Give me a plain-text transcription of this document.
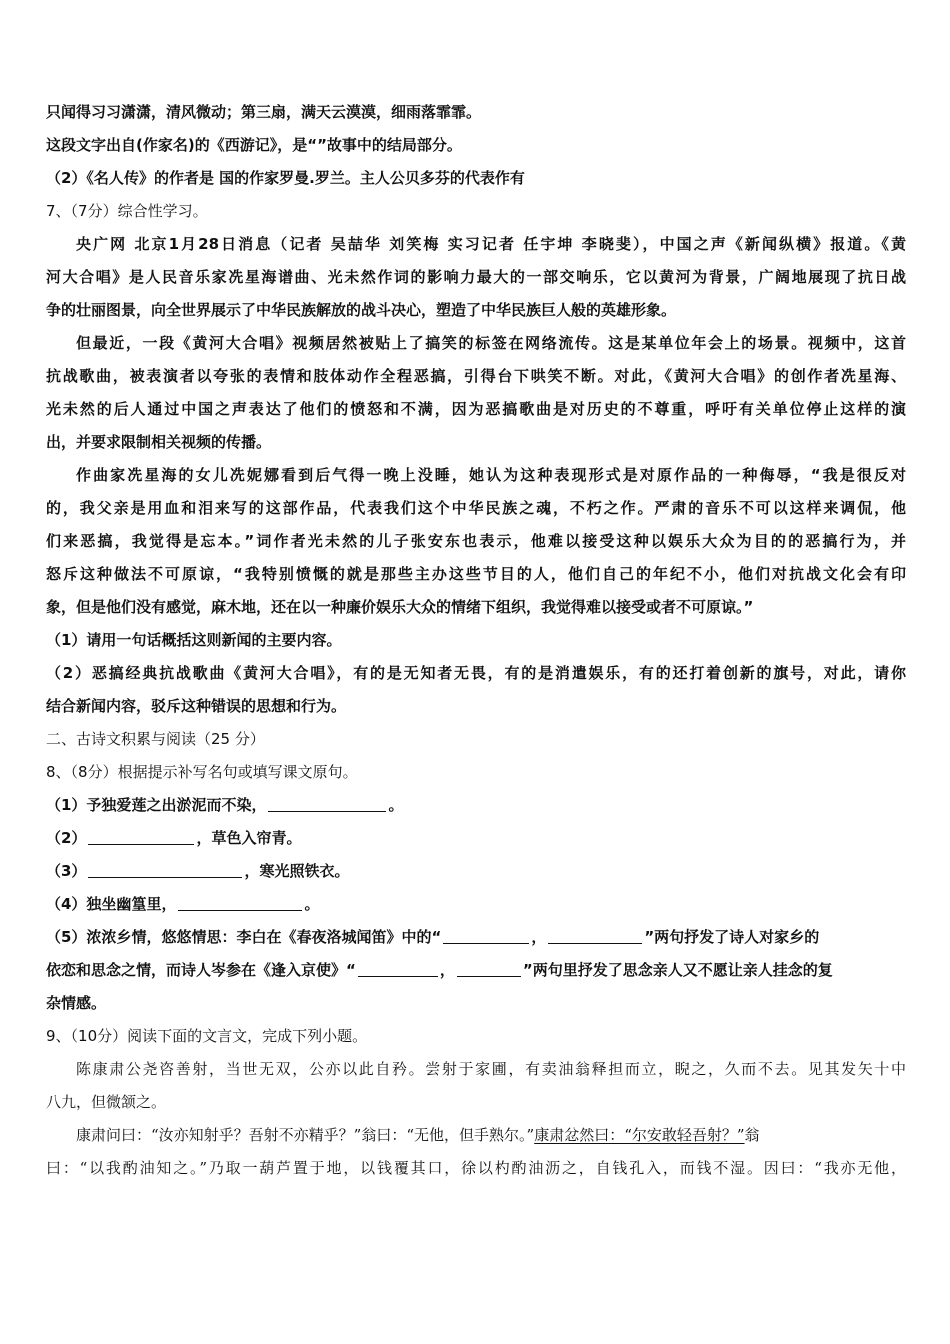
只闻得习习潇潇，清风微动；第三扇，满天云漠漠，细雨落霏霏。
这段文字出自(作家名)的《西游记》，是“”故事中的结局部分。
（2）《名人传》的作者是 国的作家罗曼.罗兰。主人公贝多芬的代表作有
7、（7分）综合性学习。
央广网 北京1月28日消息（记者 吴喆华 刘笑梅 实习记者 任宇坤 李晓斐），中国之声《新闻纵横》报道。《黄
河大合唱》是人民音乐家冼星海谱曲、光未然作词的影响力最大的一部交响乐，它以黄河为背景，广阔地展现了抗日战
争的壮丽图景，向全世界展示了中华民族解放的战斗决心，塑造了中华民族巨人般的英雄形象。
但最近，一段《黄河大合唱》视频居然被贴上了搞笑的标签在网络流传。这是某单位年会上的场景。视频中，这首
抗战歌曲，被表演者以夸张的表情和肢体动作全程恶搞，引得台下哄笑不断。对此，《黄河大合唱》的创作者冼星海、
光未然的后人通过中国之声表达了他们的愤怒和不满，因为恶搞歌曲是对历史的不尊重，呼吁有关单位停止这样的演
出，并要求限制相关视频的传播。
作曲家冼星海的女儿冼妮娜看到后气得一晚上没睡，她认为这种表现形式是对原作品的一种侮辱，“我是很反对
的，我父亲是用血和泪来写的这部作品，代表我们这个中华民族之魂，不朽之作。严肃的音乐不可以这样来调侃，他
们来恶搞，我觉得是忘本。”词作者光未然的儿子张安东也表示，他难以接受这种以娱乐大众为目的的恶搞行为，并
怒斥这种做法不可原谅，“我特别愤慨的就是那些主办这些节目的人，他们自己的年纪不小，他们对抗战文化会有印
象，但是他们没有感觉，麻木地，还在以一种廉价娱乐大众的情绪下组织，我觉得难以接受或者不可原谅。”
（1）请用一句话概括这则新闻的主要内容。
（2）恶搞经典抗战歌曲《黄河大合唱》，有的是无知者无畏，有的是消遣娱乐，有的还打着创新的旗号，对此，请你
结合新闻内容，驳斥这种错误的思想和行为。
二、古诗文积累与阅读（25 分）
8、（8分）根据提示补写名句或填写课文原句。
（1）予独爱莲之出淤泥而不染，	。
（2）	，草色入帘青。
（3）	，寒光照铁衣。
（4）独坐幽篁里，	。
（5）浓浓乡情，悠悠情思：李白在《春夜洛城闻笛》中的“	，	”两句抒发了诗人对家乡的
依恋和思念之情，而诗人岑参在《逢入京使》“	，	”两句里抒发了思念亲人又不愿让亲人挂念的复
杂情感。
9、（10分）阅读下面的文言文，完成下列小题。
陈康肃公尧咨善射，当世无双，公亦以此自矜。尝射于家圃，有卖油翁释担而立，睨之，久而不去。见其发矢十中
八九，但微颔之。
康肃问曰：“汝亦知射乎？吾射不亦精乎？”翁曰：“无他，但手熟尔。”康肃忿然曰：“尔安敢轻吾射？”翁
曰：“以我酌油知之。”乃取一葫芦置于地，以钱覆其口，徐以杓酌油沥之，自钱孔入，而钱不湿。因曰：“我亦无他，
